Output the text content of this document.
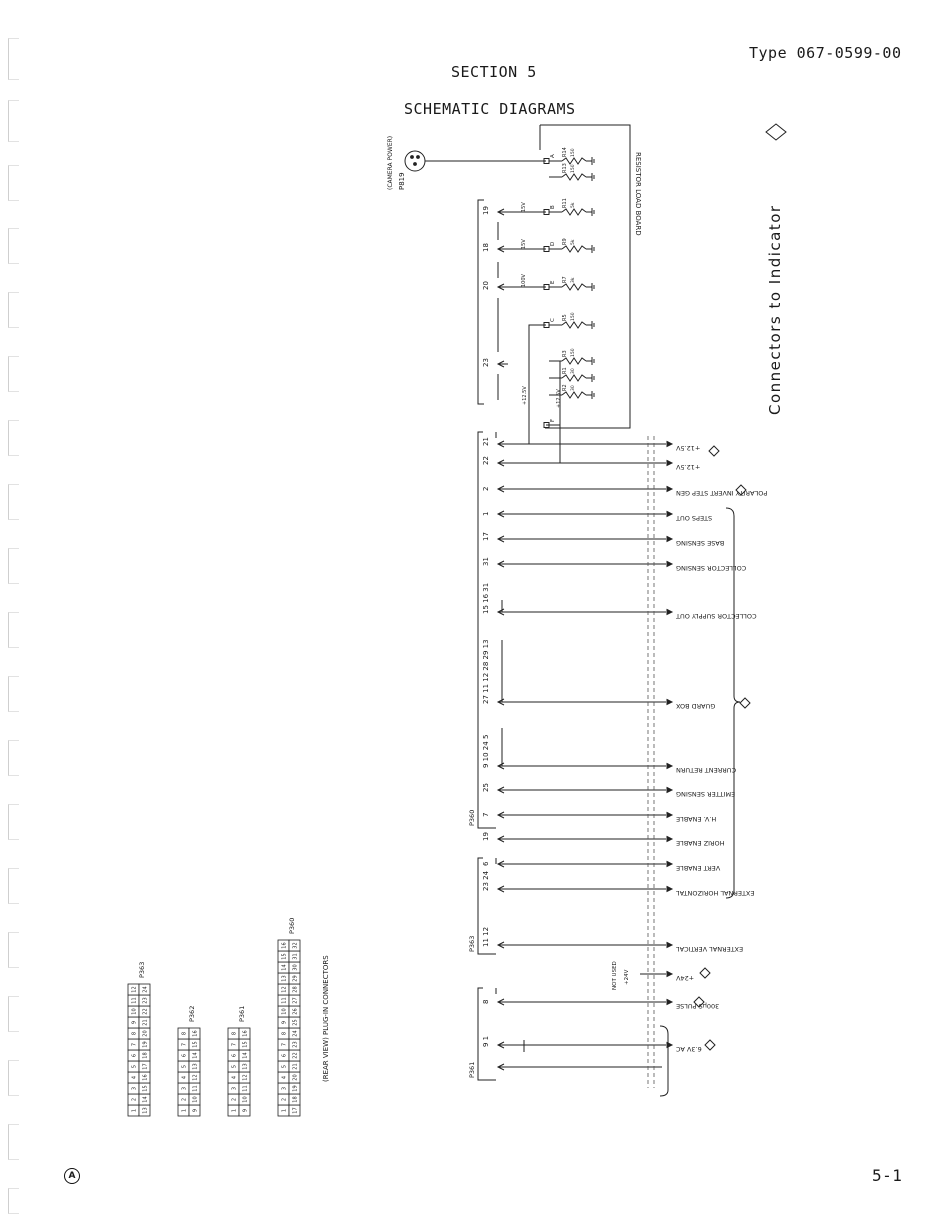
Type 067-0599-00
SECTION 5
SCHEMATIC DIAGRAMS
RESISTOR LOAD BOARD
A
B
D
E
C
F
R14 150
R13 150
R11 5k
R9 5k
R7 3k
R5 150
R3 150
R1 30
R2 30
(CAMERA POWER) P819
19
18
20
23
15V
15V
100V
+12.5V	+12.5V
21
+12.5V
22
+12.5V
2
POLARITY INVERT STEP GEN
1
STEPS OUT
17
BASE SENSING
31
COLLECTOR SENSING
15 16 31
COLLECTOR SUPPLY OUT
27 11 12 28 29 13
GUARD BOX
9 10 24 5
CURRENT RETURN
25
EMITTER SENSING
7
H.V. ENABLE
19
HORIZ ENABLE
6
VERT ENABLE
23 24
EXTERNAL HORIZONTAL
11 12
EXTERNAL VERTICAL
+24V
8
300µS PULSE
9 1
6.3V AC
P360
P363
P361
NOT USED +24V
Connectors to Indicator
1
2
3
4
5
6
7
8
9
10
11
12
13
14
15
16
17
18
19
20
21
22
23
24
P363
1
2
3
4
5
6
7
8
9
10
11
12
13
14
15
16
P362
1
2
3
4
5
6
7
8
9
10
11
12
13
14
15
16
P361
1
2
3
4
5
6
7
8
9
10
11
12
13
14
15
16
17
18
19
20
21
22
23
24
25
26
27
28
29
30
31
32
P360
(REAR VIEW) PLUG-IN CONNECTORS
5-1
A
